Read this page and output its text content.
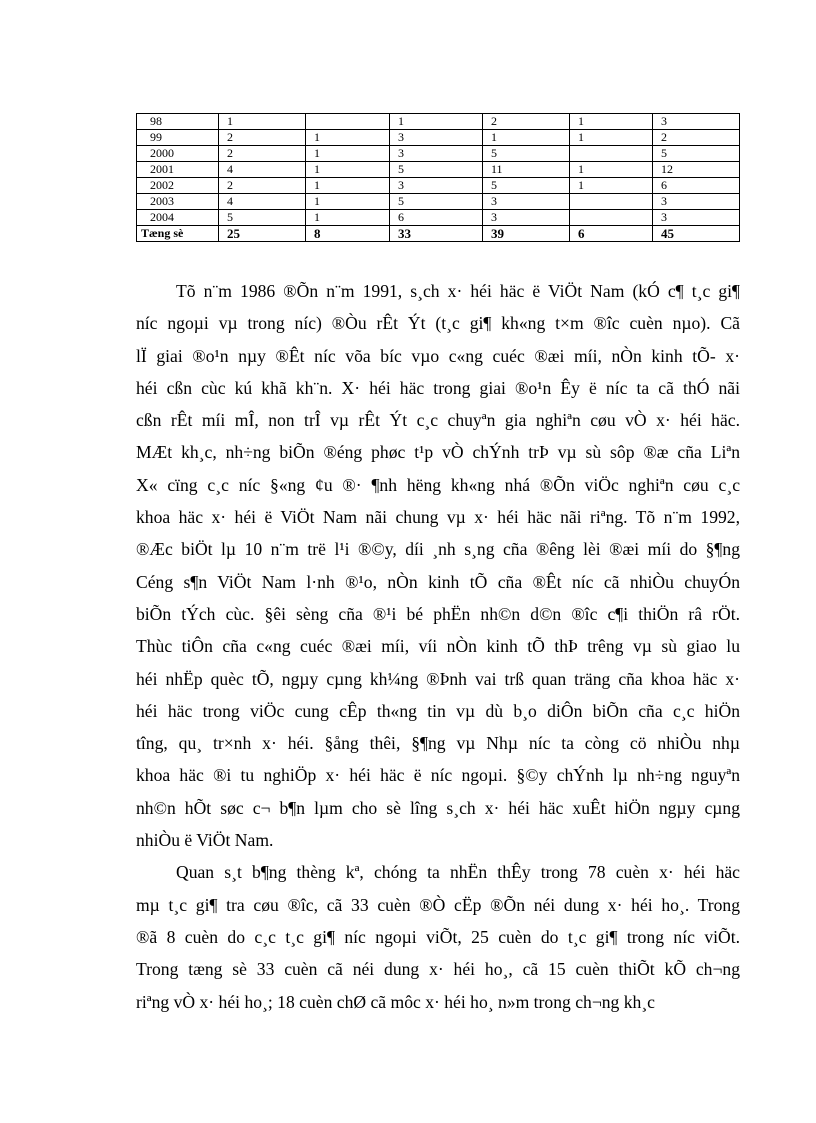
98	1		1	2	1	3
99	2	1	3	1	1	2
2000	2	1	3	5		5
2001	4	1	5	11	1	12
2002	2	1	3	5	1	6
2003	4	1	5	3		3
2004	5	1	6	3		3
Tæng sè	25	8	33	39	6	45
Tõ n¨m 1986 ®Õn n¨m 1991, s¸ch x· héi häc ë ViÖt Nam (kÓ c¶ t¸c gi¶
níc ngoµi vµ trong níc) ®Òu rÊt Ýt (t¸c gi¶ kh«ng t×m ®îc cuèn nµo). Cã
lÏ giai ®o¹n nµy ®Êt níc võa bíc vµo c«ng cuéc ®æi míi, nÒn kinh tÕ- x·
héi cßn cùc kú khã kh¨n. X· héi häc trong giai ®o¹n Êy ë níc ta cã thÓ nãi
cßn rÊt míi mÎ, non trÎ vµ rÊt Ýt c¸c chuyªn gia nghiªn cøu vÒ x· héi häc.
MÆt kh¸c, nh÷ng biÕn ®éng phøc t¹p vÒ chÝnh trÞ vµ sù sôp ®æ cña Liªn
X« cïng c¸c níc §«ng ¢u ®· ¶nh hëng kh«ng nhá ®Õn viÖc nghiªn cøu c¸c
khoa häc x· héi ë ViÖt Nam nãi chung vµ x· héi häc nãi riªng. Tõ n¨m 1992,
®Æc biÖt lµ 10 n¨m trë l¹i ®©y, díi ¸nh s¸ng cña ®êng lèi ®æi míi do §¶ng
Céng s¶n ViÖt Nam l·nh ®¹o, nÒn kinh tÕ cña ®Êt níc cã nhiÒu chuyÓn
biÕn tÝch cùc. §êi sèng cña ®¹i bé phËn nh©n d©n ®îc c¶i thiÖn râ rÖt.
Thùc tiÔn cña c«ng cuéc ®æi míi, víi nÒn kinh tÕ thÞ trêng vµ sù giao lu
héi nhËp quèc tÕ, ngµy cµng kh¼ng ®Þnh vai trß quan träng cña khoa häc x·
héi häc trong viÖc cung cÊp th«ng tin vµ dù b¸o diÔn biÕn cña c¸c hiÖn
tîng, qu¸ tr×nh x· héi. §ång thêi, §¶ng vµ Nhµ níc ta còng cö nhiÒu nhµ
khoa häc ®i tu nghiÖp x· héi häc ë níc ngoµi. §©y chÝnh lµ nh÷ng nguyªn
nh©n hÕt søc c¬ b¶n lµm cho sè lîng s¸ch x· héi häc xuÊt hiÖn ngµy cµng
nhiÒu ë ViÖt Nam.
Quan s¸t b¶ng thèng kª, chóng ta nhËn thÊy trong 78 cuèn x· héi häc
mµ t¸c gi¶ tra cøu ®îc, cã 33 cuèn ®Ò cËp ®Õn néi dung x· héi ho¸. Trong
®ã 8 cuèn do c¸c t¸c gi¶ níc ngoµi viÕt, 25 cuèn do t¸c gi¶ trong níc viÕt.
Trong tæng sè 33 cuèn cã néi dung x· héi ho¸, cã 15 cuèn thiÕt kÕ ch¬ng
riªng vÒ x· héi ho¸; 18 cuèn chØ cã môc x· héi ho¸ n»m trong ch¬ng kh¸c
